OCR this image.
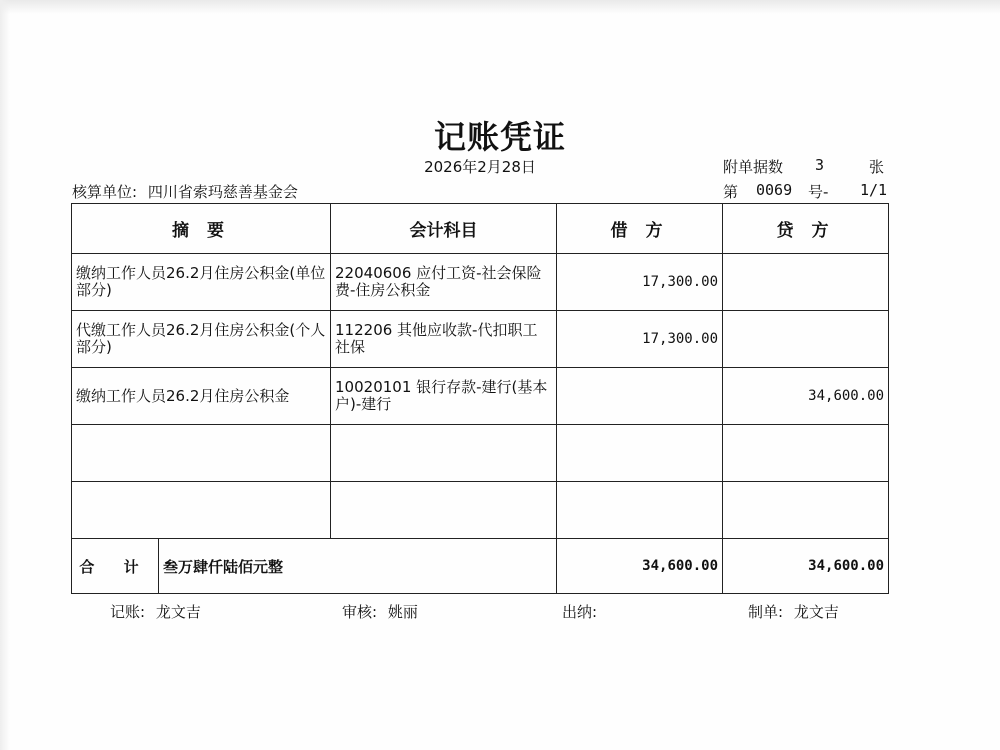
记账凭证
2026年2月28日
核算单位: 四川省索玛慈善基金会
附单据数 3	张
第 0069 号- 1/1
摘 要		会计科目	借 方	贷 方
缴纳工作人员26.2月住房公积金(单位部分)		22040606 应付工资-社会保险费-住房公积金	17,300.00	
代缴工作人员26.2月住房公积金(个人部分)		112206 其他应收款-代扣职工社保	17,300.00	
缴纳工作人员26.2月住房公积金		10020101 银行存款-建行(基本户)-建行		34,600.00

合 计	叁万肆仟陆佰元整		34,600.00	34,600.00
记账: 龙文吉	审核: 姚丽	出纳:	制单: 龙文吉
